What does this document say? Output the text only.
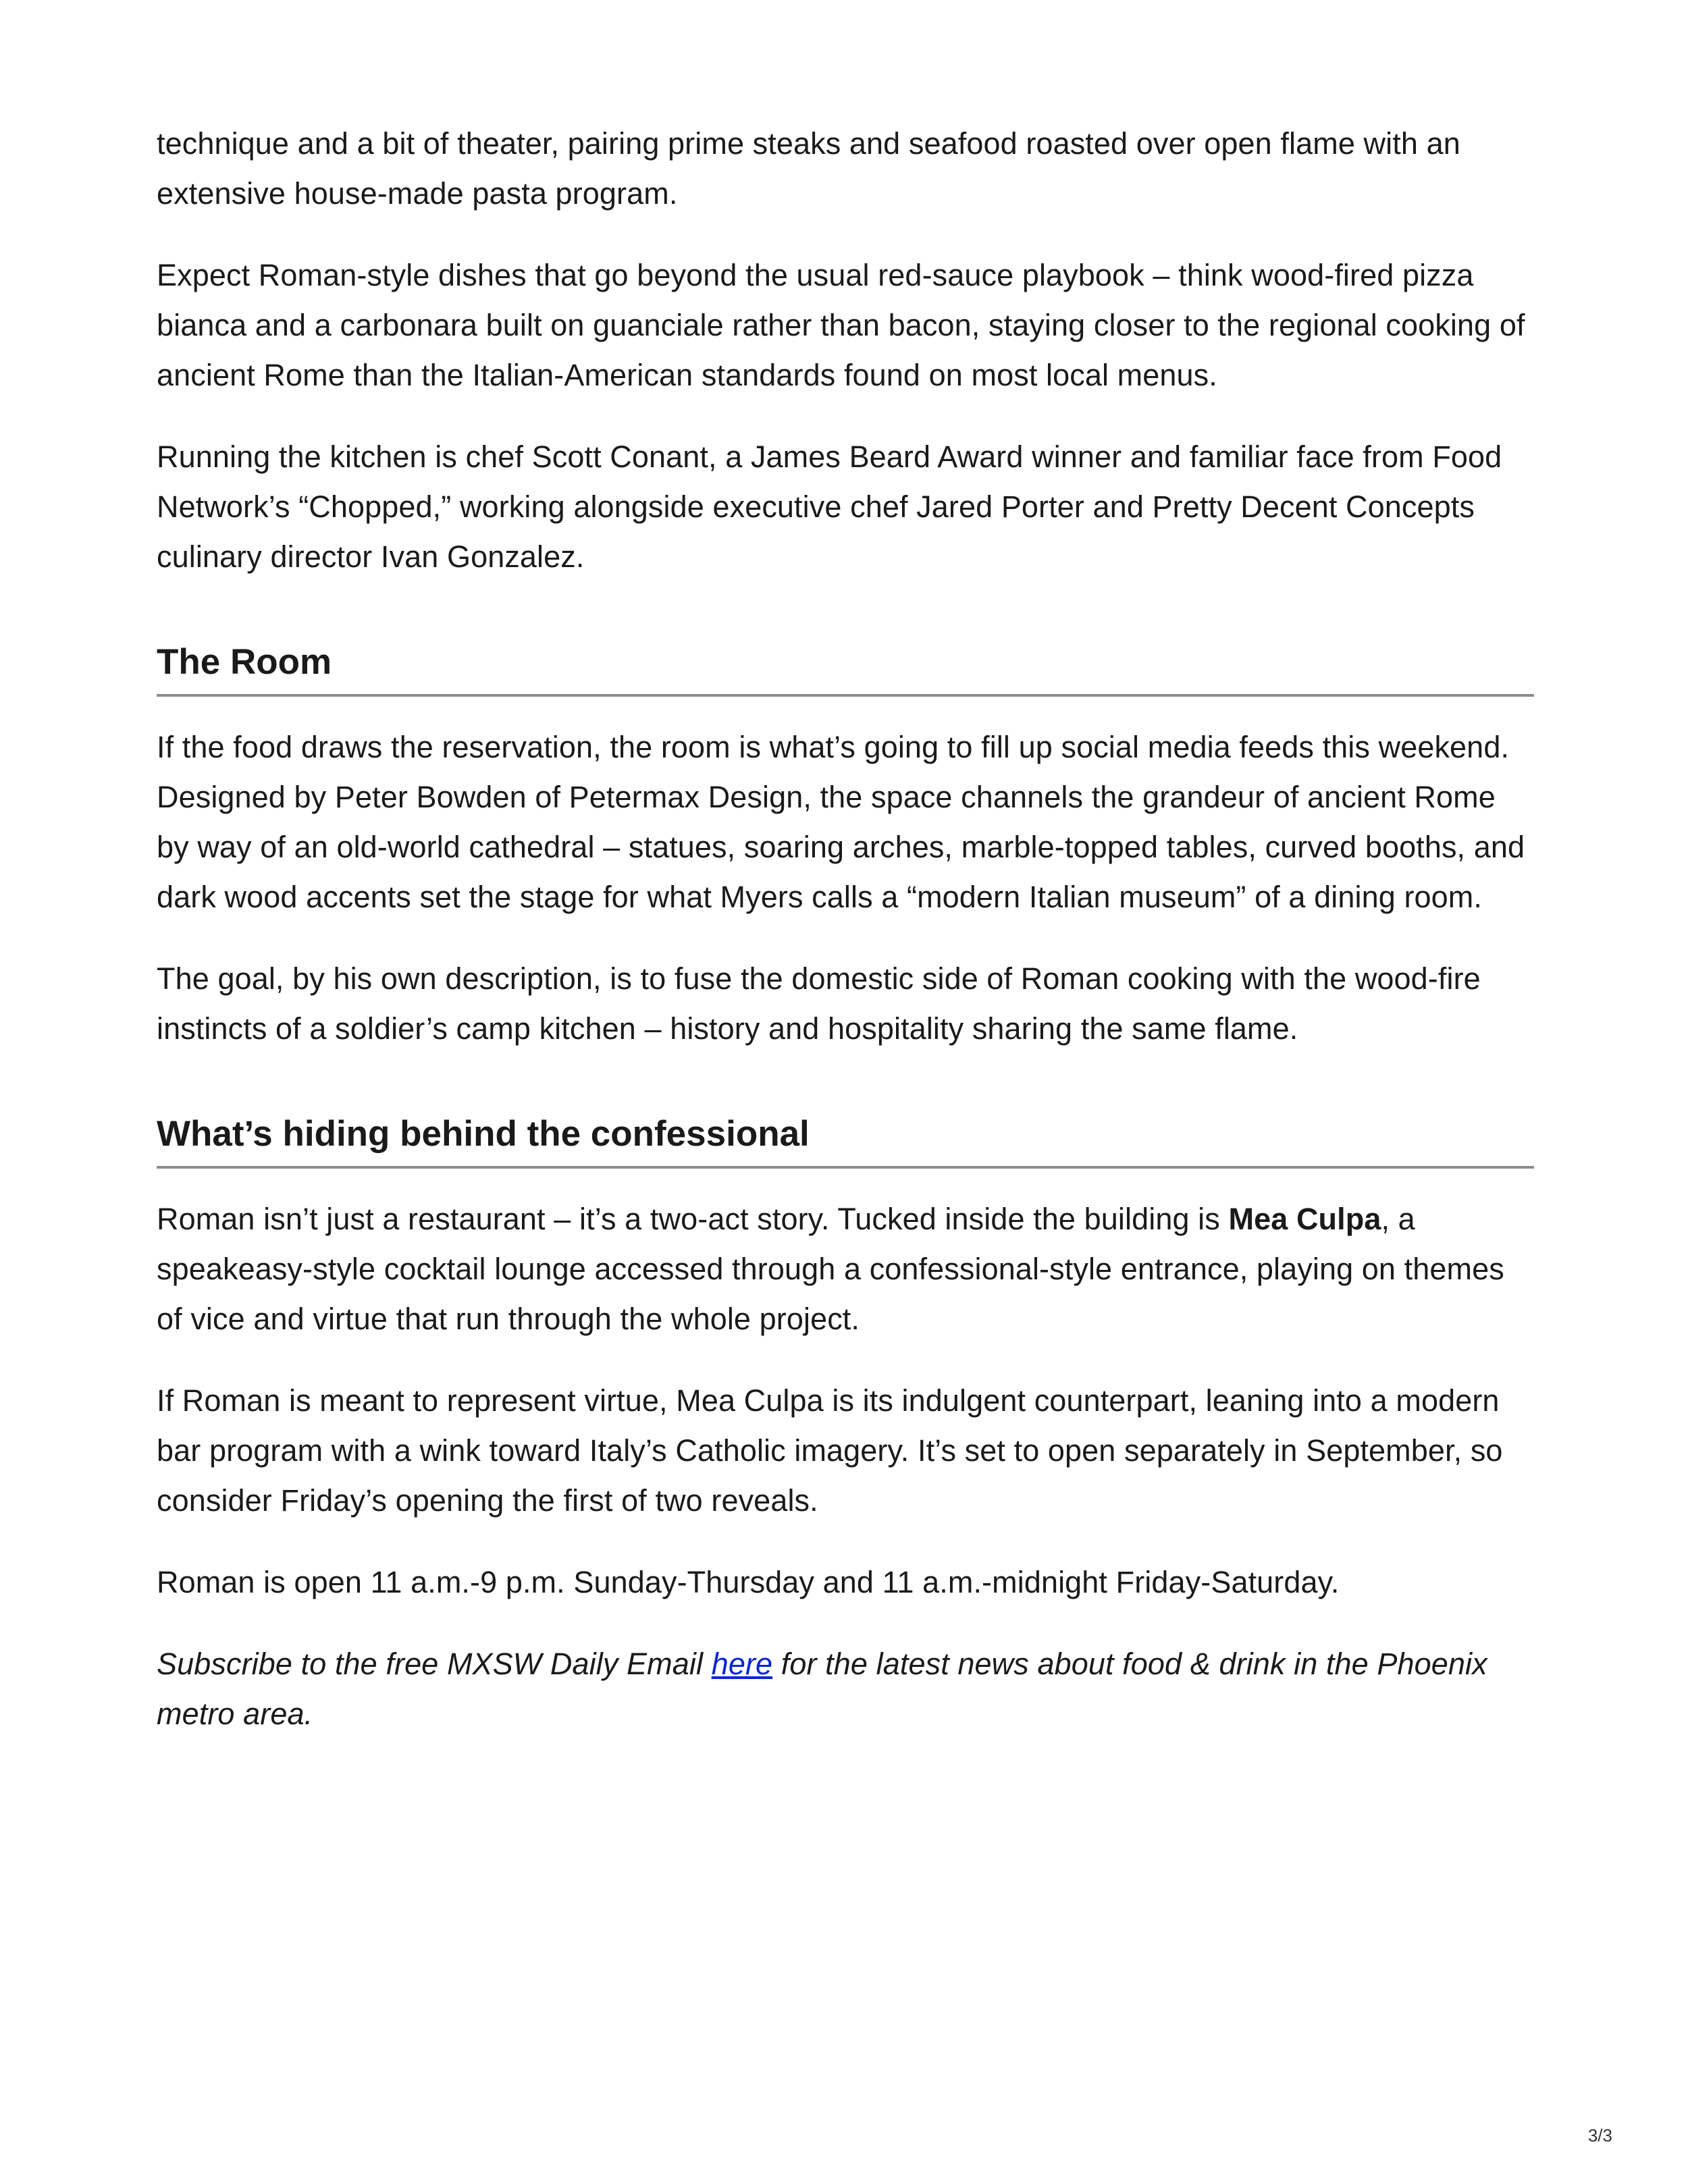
technique and a bit of theater, pairing prime steaks and seafood roasted over open flame with an extensive house-made pasta program.

Expect Roman-style dishes that go beyond the usual red-sauce playbook – think wood-fired pizza bianca and a carbonara built on guanciale rather than bacon, staying closer to the regional cooking of ancient Rome than the Italian-American standards found on most local menus.

Running the kitchen is chef Scott Conant, a James Beard Award winner and familiar face from Food Network’s “Chopped,” working alongside executive chef Jared Porter and Pretty Decent Concepts culinary director Ivan Gonzalez.

The Room

If the food draws the reservation, the room is what’s going to fill up social media feeds this weekend. Designed by Peter Bowden of Petermax Design, the space channels the grandeur of ancient Rome by way of an old-world cathedral – statues, soaring arches, marble-topped tables, curved booths, and dark wood accents set the stage for what Myers calls a “modern Italian museum” of a dining room.

The goal, by his own description, is to fuse the domestic side of Roman cooking with the wood-fire instincts of a soldier’s camp kitchen – history and hospitality sharing the same flame.

What’s hiding behind the confessional

Roman isn’t just a restaurant – it’s a two-act story. Tucked inside the building is Mea Culpa, a speakeasy-style cocktail lounge accessed through a confessional-style entrance, playing on themes of vice and virtue that run through the whole project.

If Roman is meant to represent virtue, Mea Culpa is its indulgent counterpart, leaning into a modern bar program with a wink toward Italy’s Catholic imagery. It’s set to open separately in September, so consider Friday’s opening the first of two reveals.

Roman is open 11 a.m.-9 p.m. Sunday-Thursday and 11 a.m.-midnight Friday-Saturday.

Subscribe to the free MXSW Daily Email here for the latest news about food & drink in the Phoenix metro area.

3/3
